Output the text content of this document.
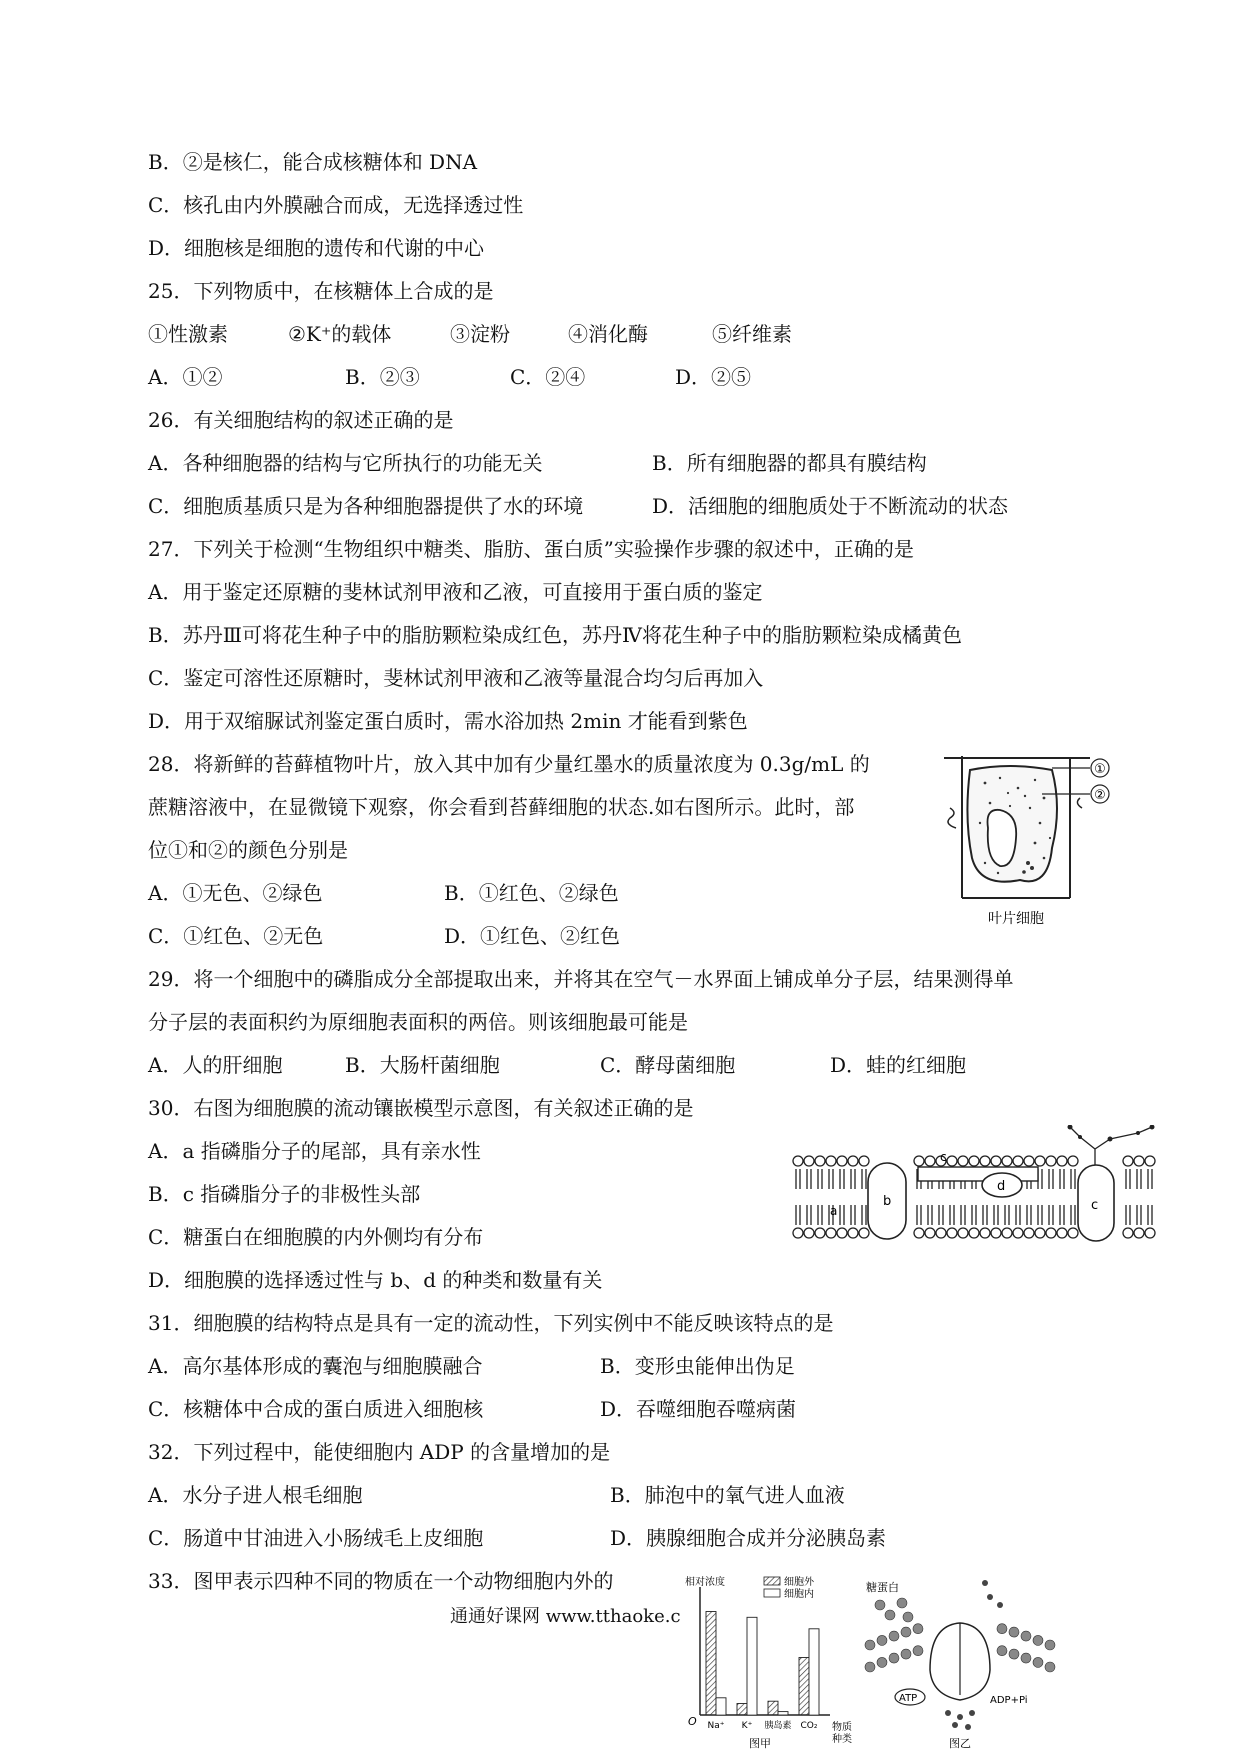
B．②是核仁，能合成核糖体和 DNA
C．核孔由内外膜融合而成，无选择透过性
D．细胞核是细胞的遗传和代谢的中心
25．下列物质中，在核糖体上合成的是
①性激素	②K⁺的载体	③淀粉	④消化酶	⑤纤维素
A．①②	B．②③	C．②④	D．②⑤
26．有关细胞结构的叙述正确的是
A．各种细胞器的结构与它所执行的功能无关	B．所有细胞器的都具有膜结构
C．细胞质基质只是为各种细胞器提供了水的环境	D．活细胞的细胞质处于不断流动的状态
27．下列关于检测“生物组织中糖类、脂肪、蛋白质”实验操作步骤的叙述中，正确的是
A．用于鉴定还原糖的斐林试剂甲液和乙液，可直接用于蛋白质的鉴定
B．苏丹Ⅲ可将花生种子中的脂肪颗粒染成红色，苏丹Ⅳ将花生种子中的脂肪颗粒染成橘黄色
C．鉴定可溶性还原糖时，斐林试剂甲液和乙液等量混合均匀后再加入
D．用于双缩脲试剂鉴定蛋白质时，需水浴加热 2min 才能看到紫色
28．将新鲜的苔藓植物叶片，放入其中加有少量红墨水的质量浓度为 0.3g/mL 的
蔗糖溶液中，在显微镜下观察，你会看到苔藓细胞的状态.如右图所示。此时，部
位①和②的颜色分别是
A．①无色、②绿色	B．①红色、②绿色
C．①红色、②无色	D．①红色、②红色
①
②
叶片细胞
29．将一个细胞中的磷脂成分全部提取出来，并将其在空气－水界面上铺成单分子层，结果测得单
分子层的表面积约为原细胞表面积的两倍。则该细胞最可能是
A．人的肝细胞	B．大肠杆菌细胞	C．酵母菌细胞	D．蛙的红细胞
30．右图为细胞膜的流动镶嵌模型示意图，有关叙述正确的是
A．a 指磷脂分子的尾部，具有亲水性
B．c 指磷脂分子的非极性头部
C．糖蛋白在细胞膜的内外侧均有分布
D．细胞膜的选择透过性与 b、d 的种类和数量有关
a
b
c
d
c
31．细胞膜的结构特点是具有一定的流动性，下列实例中不能反映该特点的是
A．高尔基体形成的囊泡与细胞膜融合	B．变形虫能伸出伪足
C．核糖体中合成的蛋白质进入细胞核	D．吞噬细胞吞噬病菌
32．下列过程中，能使细胞内 ADP 的含量增加的是
A．水分子进人根毛细胞	B．肺泡中的氧气进人血液
C．肠道中甘油进入小肠绒毛上皮细胞	D．胰腺细胞合成并分泌胰岛素
33．图甲表示四种不同的物质在一个动物细胞内外的	相对浓度	细胞外
细胞内
Na⁺ K⁺ 胰岛素 CO₂
O	物质
种类
图甲
糖蛋白
ATP	ADP+Pi
图乙
通通好课网 www.tthaoke.c
